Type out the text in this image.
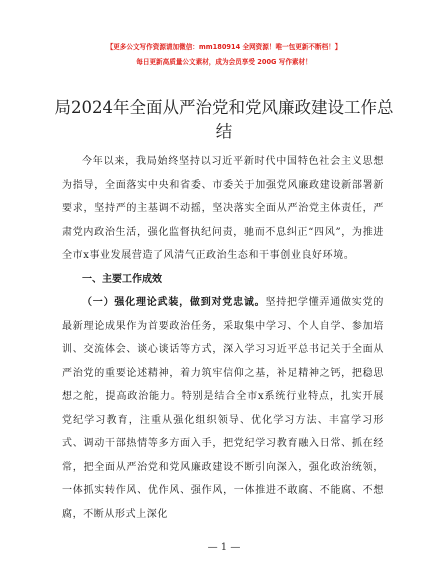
【更多公文写作资源请加微信：mm180914 全网资源！唯一包更新不断档！】
每日更新高质量公文素材，成为会员享受 200G 写作素材！
局2024年全面从严治党和党风廉政建设工作总结

今年以来，我局始终坚持以习近平新时代中国特色社会主义思想为指导，全面落实中央和省委、市委关于加强党风廉政建设新部署新要求，坚持严的主基调不动摇，坚决落实全面从严治党主体责任，严肃党内政治生活，强化监督执纪问责，驰而不息纠正“四风”，为推进全市x事业发展营造了风清气正政治生态和干事创业良好环境。

一、主要工作成效

（一）强化理论武装，做到对党忠诚。坚持把学懂弄通做实党的最新理论成果作为首要政治任务，采取集中学习、个人自学、参加培训、交流体会、谈心谈话等方式，深入学习习近平总书记关于全面从严治党的重要论述精神，着力筑牢信仰之基，补足精神之钙，把稳思想之舵，提高政治能力。特别是结合全市x系统行业特点，扎实开展党纪学习教育，注重从强化组织领导、优化学习方法、丰富学习形式、调动干部热情等多方面入手，把党纪学习教育融入日常、抓在经常，把全面从严治党和党风廉政建设不断引向深入，强化政治统领，一体抓实转作风、优作风、强作风，一体推进不敢腐、不能腐、不想腐，不断从形式上深化

— 1 —
